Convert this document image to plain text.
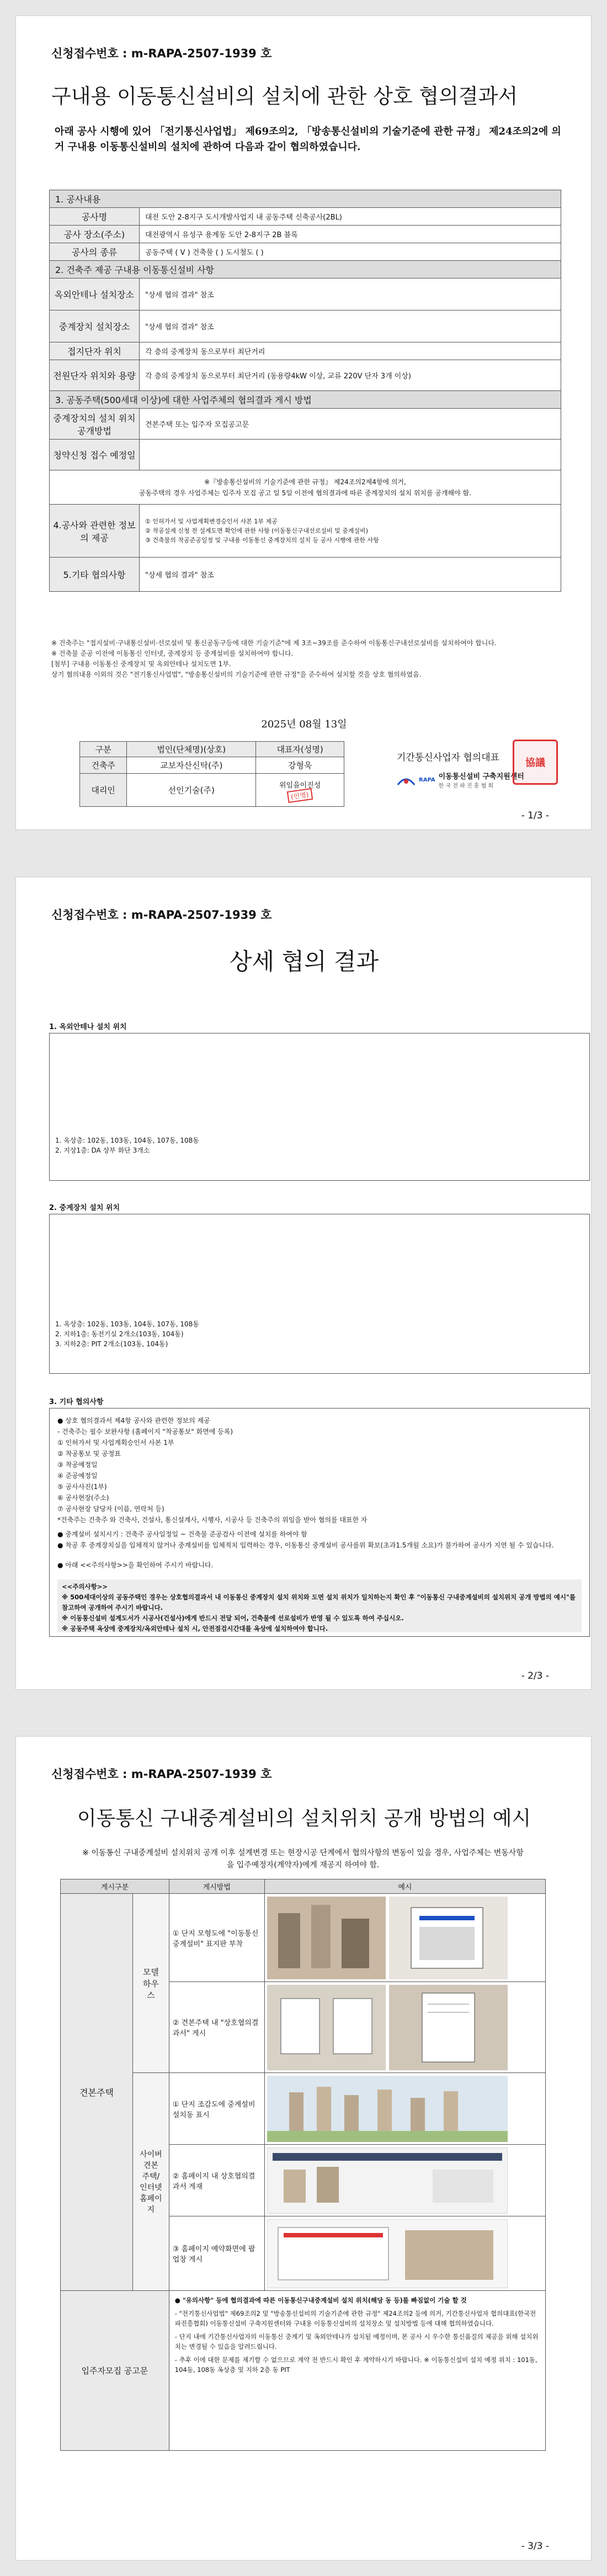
신청접수번호 : m-RAPA-2507-1939 호
구내용 이동통신설비의 설치에 관한 상호 협의결과서
아래 공사 시행에 있어 「전기통신사업법」 제69조의2, 「방송통신설비의 기술기준에 관한 규정」 제24조의2에 의거 구내용 이동통신설비의 설치에 관하여 다음과 같이 협의하였습니다.
1. 공사내용	
공사명	대전 도안 2-8지구 도시개발사업지 내 공동주택 신축공사(2BL)
공사 장소(주소)	대전광역시 유성구 용계동 도안 2-8지구 2B 블록
공사의 종류	공동주택 ( V ) 건축물 ( ) 도시철도 ( )
2. 건축주 제공 구내용 이동통신설비 사항	
옥외안테나 설치장소	"상세 협의 결과" 참조
중계장치 설치장소	"상세 협의 결과" 참조
접지단자 위치	각 층의 중계장치 동으로부터 최단거리
전원단자 위치와 용량	각 층의 중계장치 동으로부터 최단거리 (동용량4kW 이상, 교류 220V 단자 3개 이상)
3. 공동주택(500세대 이상)에 대한 사업주체의 협의결과 게시 방법	
중계장치의 설치 위치 공개방법	견본주택 또는 입주자 모집공고문
청약신청 접수 예정일	

※『방송통신설비의 기술기준에 관한 규정』 제24조의2제4항에 의거,
공동주택의 경우 사업주체는 입주자 모집 공고 일 5일 이전에 협의결과에 따른 중계장치의 설치 위치를 공개해야 함.	

4.공사와 관련한 정보의 제공	① 인허가서 및 사업계획변경승인서 사본 1부 제공
② 착공설계 신청 전 설계도면 확인에 관한 사항 (이동통신구내선로설비 및 중계설비)
③ 건축물의 착공준공일정 및 구내용 이동통신 중계장치의 설치 등 공사 시행에 관한 사항

5.기타 협의사항	"상세 협의 결과" 참조
※ 건축주는 "접지설비·구내통신설비·선로설비 및 통신공동구등에 대한 기술기준"에 제 3조~39조를 준수하여 이동통신구내선로설비를 설치하여야 합니다.
※ 건축물 준공 이전에 이동통신 인터넷, 중계장치 등 중계설비를 설치하여야 합니다.
[첨부] 구내용 이동통신 중계장치 및 옥외안테나 설치도면 1부.
상기 협의내용 이외의 것은 "전기통신사업법", "방송통신설비의 기술기준에 관한 규정"을 준수하여 설치할 것을 상호 협의하였음.
2025년 08월 13일
구분	법인(단체명)(상호)	대표자(성명)
건축주	교보자산신탁(주)	강형욱
대리인	선인기술(주)	위임을이진성
(인명)
기간통신사업자 협의대표
RAPA 이동통신설비 구축지원센터
한 국 전 파 진 흥 협 회
協議
- 1/3 -
신청접수번호 : m-RAPA-2507-1939 호
상세 협의 결과
1. 옥외안테나 설치 위치
1. 옥상층: 102동, 103동, 104동, 107동, 108동
2. 지상1층: DA 상부 화단 3개소
2. 중계장치 설치 위치
1. 옥상층: 102동, 103동, 104동, 107동, 108동
2. 지하1층: 동전기실 2개소(103동, 104동)
3. 지하2층: PIT 2개소(103동, 104동)
3. 기타 협의사항
● 상호 협의결과서 제4항 공사와 관련한 정보의 제공
- 건축주는 필수 보완사항 (홈페이지 "착공통보" 화면에 등록)
① 인허가서 및 사업계획승인서 사본 1부
② 착공통보 및 공정표
③ 착공예정일
④ 준공예정일
⑤ 공사사진(1부)
⑥ 공사현장(주소)
⑦ 공사현장 담당자 (이름, 연락처 등)
*건축주는 건축주 와 건축사, 건설사, 통신설계사, 시행사, 시공사 등 건축주의 위임을 받아 협의를 대표한 자
● 중계설비 설치시기 : 건축주 공사일정일 ~ 건축물 준공검사 이전에 설치를 하여야 함
● 착공 후 중계장치실을 입체적치 않거나 중계설비를 입체적치 입력하는 경우, 이동통신 중계설비 공사를위 확보(초과1.5개월 소요)가 불가하여 공사가 지연 될 수 있습니다.
● 아래 <<주의사항>>을 확인하여 주시기 바랍니다.
<<주의사항>>
※ 500세대이상의 공동주택인 경우는 상호협의결과서 내 이동통신 중계장치 설치 위치와 도면 설치 위치가 일치하는지 확인 후 "이동통신 구내중계설비의 설치위치 공개 방법의 예시"를 참고하여 공개하여 주시기 바랍니다.
※ 이동통신설비 설계도서가 시공사(건설사)에게 반드시 전달 되어, 건축물에 선로설비가 반영 될 수 있도록 하여 주십시오.
※ 공동주택 옥상에 중계장치/옥외안테나 설치 시, 안전점검시간대를 옥상에 설치하여야 합니다.
- 2/3 -
신청접수번호 : m-RAPA-2507-1939 호
이동통신 구내중계설비의 설치위치 공개 방법의 예시
※ 이동통신 구내중계설비 설치위치 공개 이후 설계변경 또는 현장시공 단계에서 협의사항의 변동이 있을 경우, 사업주체는 변동사항을 입주예정자(계약자)에게 재공지 하여야 함.
게시구분		게시방법	예시
견본주택	모델하우스	① 단지 모형도에 "이동통신중계설비" 표지판 부착	

		② 견본주택 내 "상호협의결과서" 게시	

	사이버 견본 주택/인터넷 홈페이지	① 단지 조감도에 중계설비 설치동 표시	

		② 홈페이지 내 상호협의결과서 게재	

		③ 홈페이지 예약화면에 팝업창 게시	

입주자모집 공고문		● "유의사항" 등에 협의결과에 따른 이동통신구내중계설비 설치 위치(해당 동 등)를 빠짐없이 기술 할 것
- "전기통신사업법" 제69조의2 및 "방송통신설비의 기술기준에 관한 규정" 제24조의2 등에 의거, 기간통신사업자 협의대표(한국전파진흥협회) 이동통신설비 구축지원센터와 구내용 이동통신설비의 설치장소 및 설치방법 등에 대해 협의하였습니다.
- 단지 내에 기간통신사업자의 이동통신 중계기 및 옥외안테나가 설치될 예정이며, 본 공사 시 우수한 통신품질의 제공을 위해 설치위치는 변경될 수 있음을 알려드립니다.
- 추후 이에 대한 문제를 제기할 수 없으므로 계약 전 반드시 확인 후 계약하시기 바랍니다. ※ 이동통신설비 설치 예정 위치 : 101동, 104동, 108동 옥상층 및 지하 2층 동 PIT	
- 3/3 -
